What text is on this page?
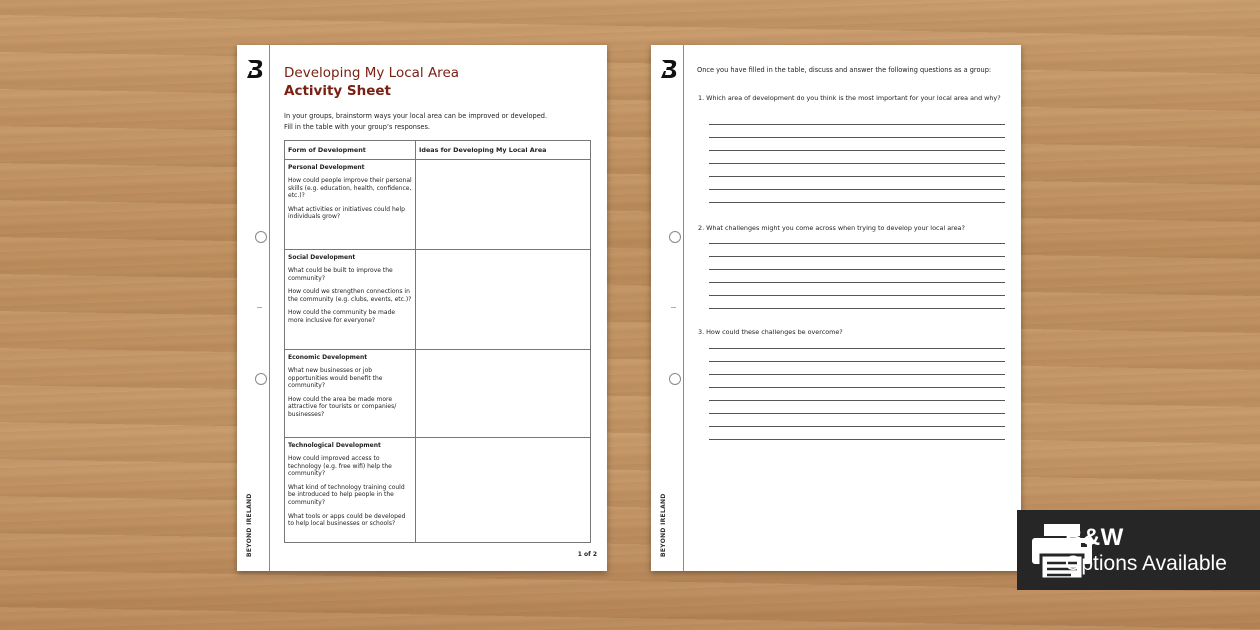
BEYOND IRELAND
Developing My Local Area
Activity Sheet
In your groups, brainstorm ways your local area can be improved or developed.
Fill in the table with your group’s responses.
Form of Development	Ideas for Developing My Local Area

Personal Development
How could people improve their personal skills (e.g. education, health, confidence, etc.)?
What activities or initiatives could help individuals grow?	

Social Development
What could be built to improve the community?
How could we strengthen connections in the community (e.g. clubs, events, etc.)?
How could the community be made more inclusive for everyone?	

Economic Development
What new businesses or job opportunities would benefit the community?
How could the area be made more attractive for tourists or companies/ businesses?	

Technological Development
How could improved access to technology (e.g. free wifi) help the community?
What kind of technology training could be introduced to help people in the community?
What tools or apps could be developed to help local businesses or schools?	

1 of 2	BEYOND IRELAND
Once you have filled in the table, discuss and answer the following questions as a group:
1. Which area of development do you think is the most important for your local area and why?
2. What challenges might you come across when trying to develop your local area?
3. How could these challenges be overcome?
B&W
Options Available
